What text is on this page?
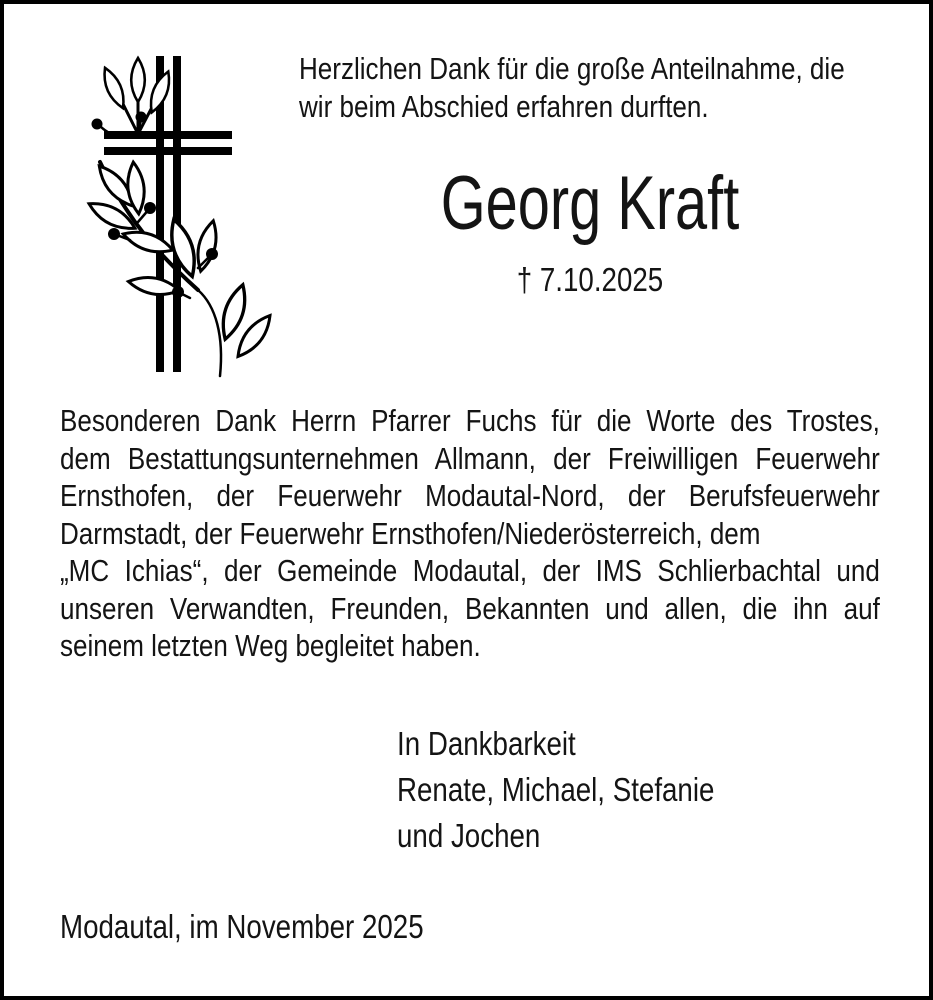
Herzlichen Dank für die große Anteilnahme, die
wir beim Abschied erfahren durften.
Georg Kraft
† 7.10.2025
Besonderen Dank Herrn Pfarrer Fuchs für die Worte des Trostes,
dem Bestattungsunternehmen Allmann, der Freiwilligen Feuerwehr
Ernsthofen, der Feuerwehr Modautal-Nord, der Berufsfeuerwehr
Darmstadt, der Feuerwehr Ernsthofen/Niederösterreich, dem
„MC Ichias“, der Gemeinde Modautal, der IMS Schlierbachtal und
unseren Verwandten, Freunden, Bekannten und allen, die ihn auf
seinem letzten Weg begleitet haben.
In Dankbarkeit
Renate, Michael, Stefanie
und Jochen
Modautal, im November 2025
